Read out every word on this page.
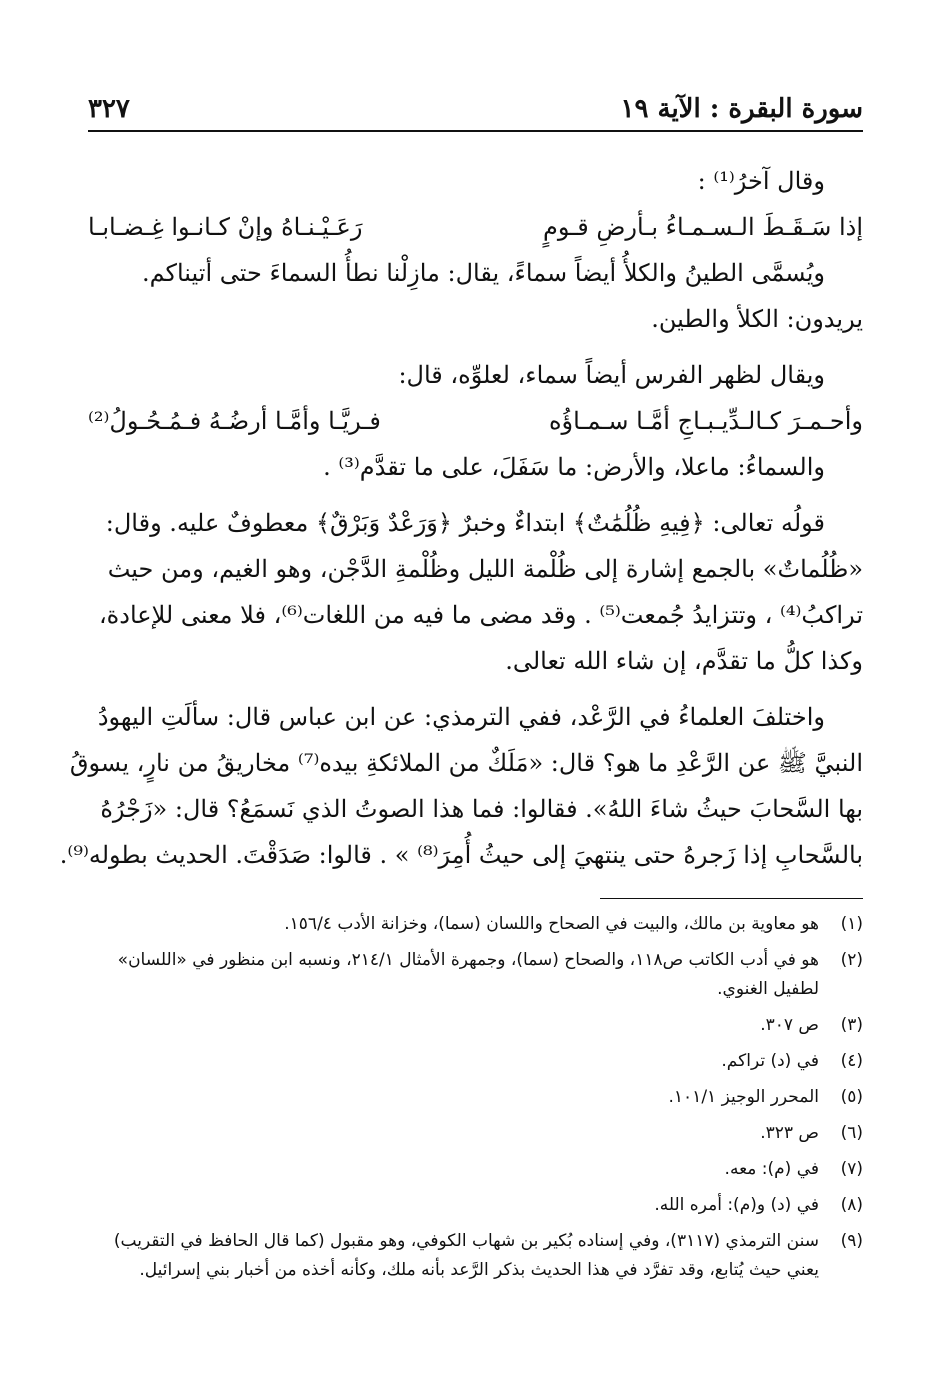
سورة البقرة : الآية ١٩
٣٢٧
وقال آخرُ⁽¹⁾ :
إذا سَـقَـطَ الـسـمـاءُ بـأرضِ قـومٍ
رَعَـيْـنـاهُ وإنْ كـانـوا غِـضـابـا
ويُسمَّى الطينُ والكلأُ أيضاً سماءً، يقال: مازِلْنا نطأُ السماءَ حتى أتيناكم.
يريدون: الكلأ والطين.
ويقال لظهر الفرس أيضاً سماء، لعلوِّه، قال:
وأحـمـرَ كـالـدِّيـبـاجِ أمَّـا سـمـاؤُه
فـريَّـا وأمَّـا أرضُـهُ فـمُـحُـولُ⁽²⁾
والسماءُ: ماعلا، والأرض: ما سَفَلَ، على ما تقدَّم⁽³⁾ .
قولُه تعالى: ﴿فِيهِ ظُلُمَٰتٌ﴾ ابتداءٌ وخبرٌ ﴿وَرَعْدٌ وَبَرْقٌ﴾ معطوفٌ عليه. وقال:
«ظُلُماتٌ» بالجمع إشارة إلى ظُلْمة الليل وظُلْمةِ الدَّجْن، وهو الغيم، ومن حيث
تراكبُ⁽⁴⁾ ، وتتزايدُ جُمعت⁽⁵⁾ . وقد مضى ما فيه من اللغات⁽⁶⁾، فلا معنى للإعادة،
وكذا كلُّ ما تقدَّم، إن شاء الله تعالى.
واختلفَ العلماءُ في الرَّعْد، ففي الترمذي: عن ابن عباس قال: سألَتِ اليهودُ
النبيَّ ﷺ عن الرَّعْدِ ما هو؟ قال: «مَلَكٌ من الملائكةِ بيده⁽⁷⁾ مخاريقُ من نارٍ، يسوقُ
بها السَّحابَ حيثُ شاءَ اللهُ». فقالوا: فما هذا الصوتُ الذي نَسمَعُ؟ قال: «زَجْرُهُ
بالسَّحابِ إذا زَجرهُ حتى ينتهيَ إلى حيثُ أُمِرَ⁽⁸⁾ » . قالوا: صَدَقْتَ. الحديث بطوله⁽⁹⁾.
(١)
هو معاوية بن مالك، والبيت في الصحاح واللسان (سما)، وخزانة الأدب ١٥٦/٤.
(٢)
هو في أدب الكاتب ص١١٨، والصحاح (سما)، وجمهرة الأمثال ٢١٤/١، ونسبه ابن منظور في «اللسان» لطفيل الغنوي.
(٣)
ص ٣٠٧.
(٤)
في (د) تراكم.
(٥)
المحرر الوجيز ١٠١/١.
(٦)
ص ٣٢٣.
(٧)
في (م): معه.
(٨)
في (د) و(م): أمره الله.
(٩)
سنن الترمذي (٣١١٧)، وفي إسناده بُكير بن شهاب الكوفي، وهو مقبول (كما قال الحافظ في التقريب) يعني حيث يُتابع، وقد تفرَّد في هذا الحديث بذكر الرَّعد بأنه ملك، وكأنه أخذه من أخبار بني إسرائيل.
